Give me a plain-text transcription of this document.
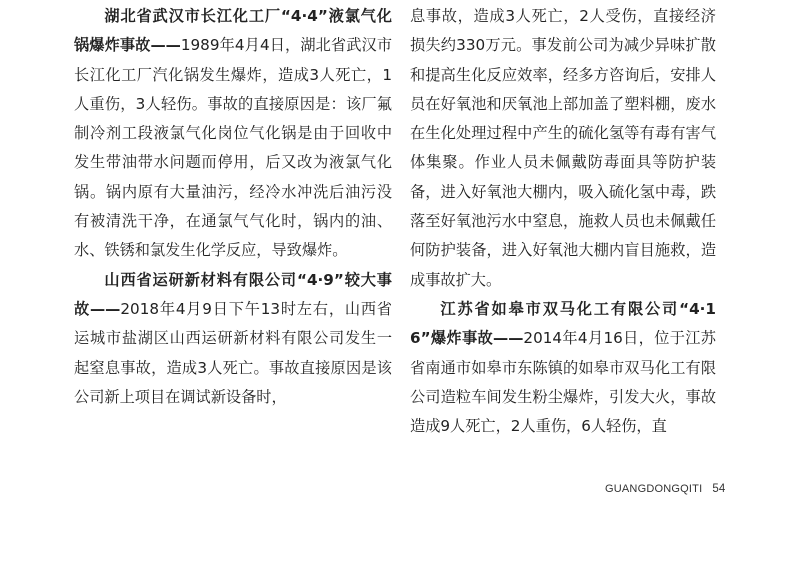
湖北省武汉市长江化工厂“4·4”液氯气化锅爆炸事故——1989年4月4日，湖北省武汉市长江化工厂汽化锅发生爆炸，造成3人死亡，1人重伤，3人轻伤。事故的直接原因是：该厂氟制冷剂工段液氯气化岗位气化锅是由于回收中发生带油带水问题而停用，后又改为液氯气化锅。锅内原有大量油污，经冷水冲洗后油污没有被清洗干净，在通氯气气化时，锅内的油、水、铁锈和氯发生化学反应，导致爆炸。

山西省运研新材料有限公司“4·9”较大事故——2018年4月9日下午13时左右，山西省运城市盐湖区山西运研新材料有限公司发生一起窒息事故，造成3人死亡。事故直接原因是该公司新上项目在调试新设备时，

息事故，造成3人死亡，2人受伤，直接经济损失约330万元。事发前公司为减少异味扩散和提高生化反应效率，经多方咨询后，安排人员在好氧池和厌氧池上部加盖了塑料棚，废水在生化处理过程中产生的硫化氢等有毒有害气体集聚。作业人员未佩戴防毒面具等防护装备，进入好氧池大棚内，吸入硫化氢中毒，跌落至好氧池污水中窒息，施救人员也未佩戴任何防护装备，进入好氧池大棚内盲目施救，造成事故扩大。

江苏省如皋市双马化工有限公司“4·16”爆炸事故——2014年4月16日，位于江苏省南通市如皋市东陈镇的如皋市双马化工有限公司造粒车间发生粉尘爆炸，引发大火，事故造成9人死亡，2人重伤，6人轻伤，直

GUANGDONGQITI 54
